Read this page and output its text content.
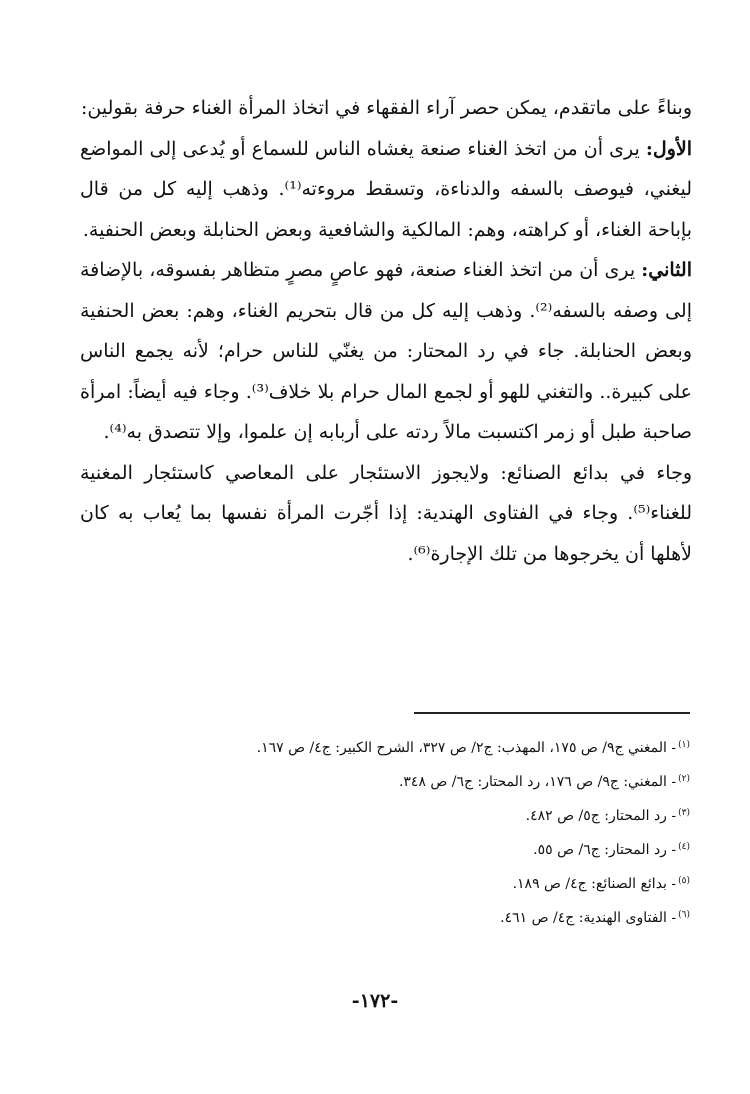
وبناءً على ماتقدم، يمكن حصر آراء الفقهاء في اتخاذ المرأة الغناء حرفة بقولين:

الأول: يرى أن من اتخذ الغناء صنعة يغشاه الناس للسماع أو يُدعى إلى المواضع ليغني، فيوصف بالسفه والدناءة، وتسقط مروءته⁽¹⁾. وذهب إليه كل من قال بإباحة الغناء، أو كراهته، وهم: المالكية والشافعية وبعض الحنابلة وبعض الحنفية.

الثاني: يرى أن من اتخذ الغناء صنعة، فهو عاصٍ مصرٍ متظاهر بفسوقه، بالإضافة إلى وصفه بالسفه⁽²⁾. وذهب إليه كل من قال بتحريم الغناء، وهم: بعض الحنفية وبعض الحنابلة. جاء في رد المحتار: من يغنّي للناس حرام؛ لأنه يجمع الناس على كبيرة.. والتغني للهو أو لجمع المال حرام بلا خلاف⁽³⁾. وجاء فيه أيضاً: امرأة صاحبة طبل أو زمر اكتسبت مالاً ردته على أربابه إن علموا، وإلا تتصدق به⁽⁴⁾.

وجاء في بدائع الصنائع: ولايجوز الاستئجار على المعاصي كاستئجار المغنية للغناء⁽⁵⁾. وجاء في الفتاوى الهندية: إذا أجّرت المرأة نفسها بما يُعاب به كان لأهلها أن يخرجوها من تلك الإجارة⁽⁶⁾.

$^{(١)}$- المغني ج٩/ ص ١٧٥، المهذب: ج٢/ ص ٣٢٧، الشرح الكبير: ج٤/ ص ١٦٧.
$^{(٢)}$- المغني: ج٩/ ص ١٧٦، رد المحتار: ج٦/ ص ٣٤٨.
$^{(٣)}$- رد المحتار: ج٥/ ص ٤٨٢.
$^{(٤)}$- رد المحتار: ج٦/ ص ٥٥.
$^{(٥)}$- بدائع الصنائع: ج٤/ ص ١٨٩.
$^{(٦)}$- الفتاوى الهندية: ج٤/ ص ٤٦١.
-١٧٢-
